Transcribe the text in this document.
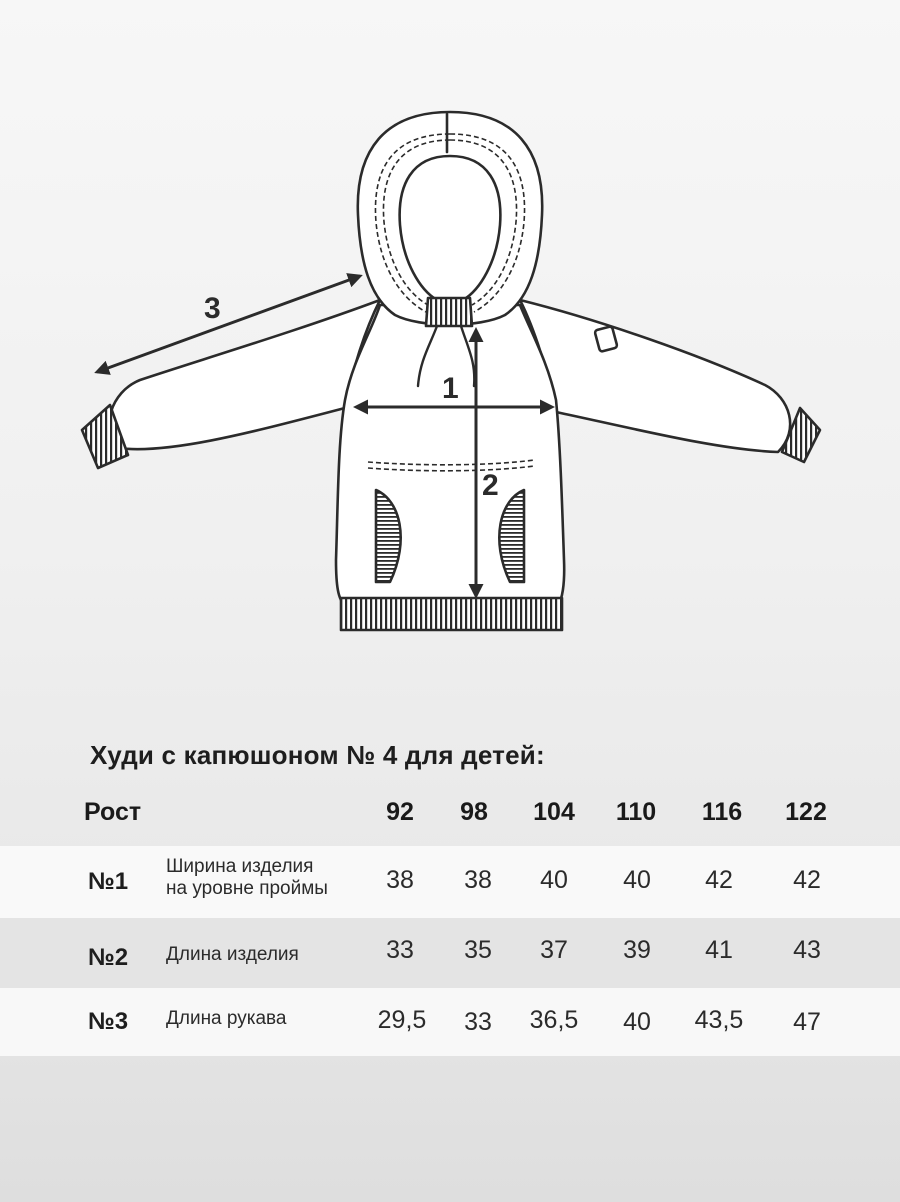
1
2
3
Худи с капюшоном № 4 для детей:
Рост	92	98	104	110	116	122
№1
Ширина изделия
на уровне проймы	38	38	40	40	42	42
№2 Длина изделия	33	35	37	39	41	43
№3 Длина рукава	29,5	33	36,5	40	43,5	47
